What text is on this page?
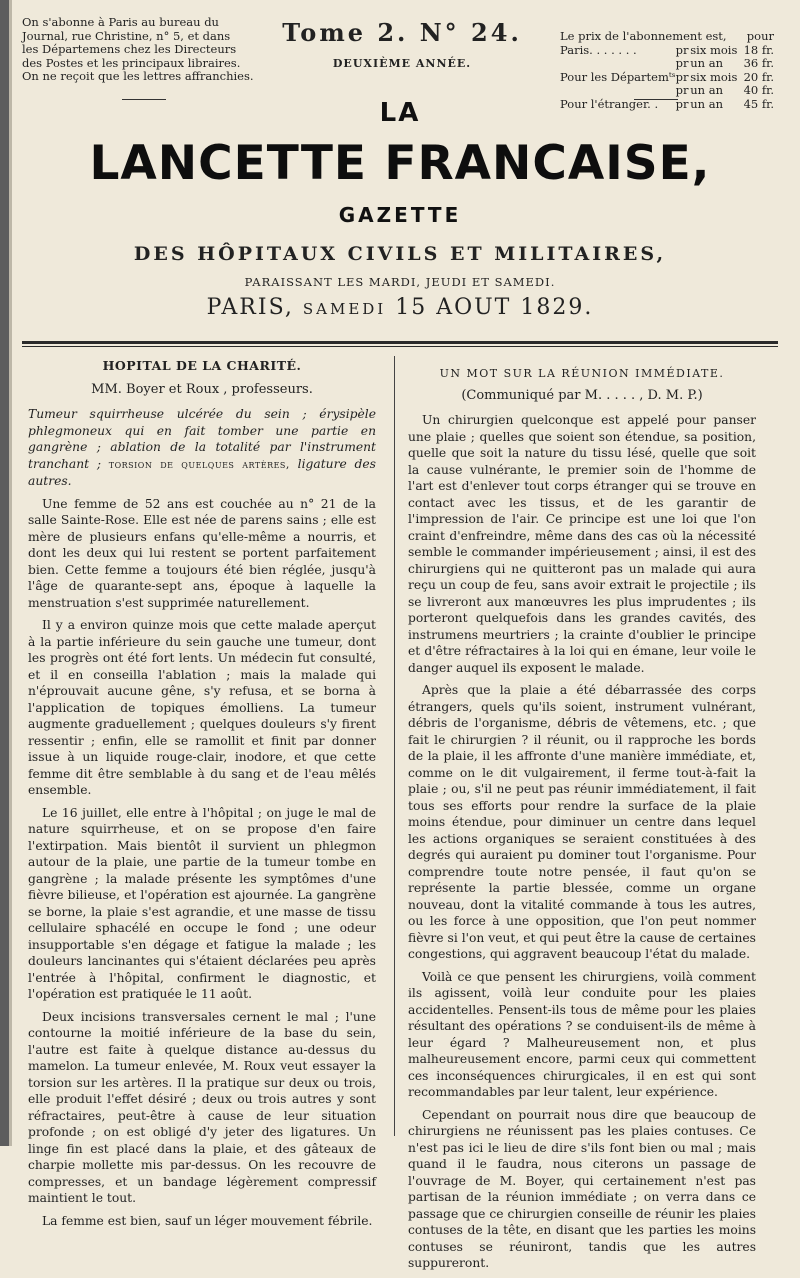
On s'abonne à Paris au bureau du
Journal, rue Christine, n° 5, et dans
les Départemens chez les Directeurs
des Postes et les principaux libraires.
On ne reçoit que les lettres affranchies.
Tome 2. N° 24.
DEUXIÈME ANNÉE.
Le prix de l'abonnement est,			pour
Paris. . . . . . .	pr	six mois	18 fr.
	pr	un an	36 fr.
Pour les Départemᵗˢ	pr	six mois	20 fr.
	pr	un an	40 fr.
Pour l'étranger. .	pr	un an	45 fr.
LA
LANCETTE FRANCAISE,
GAZETTE
DES HÔPITAUX CIVILS ET MILITAIRES,
PARAISSANT LES MARDI, JEUDI ET SAMEDI.
PARIS, SAMEDI 15 AOUT 1829.
HOPITAL DE LA CHARITÉ.
MM. Boyer et Roux , professeurs.

Tumeur squirrheuse ulcérée du sein ; érysipèle phlegmoneux qui en fait tomber une partie en gangrène ; ablation de la totalité par l'instrument tranchant ; torsion de quelques artères, ligature des autres.

Une femme de 52 ans est couchée au n° 21 de la salle Sainte-Rose. Elle est née de parens sains ; elle est mère de plusieurs enfans qu'elle-même a nourris, et dont les deux qui lui restent se portent parfaitement bien. Cette femme a toujours été bien réglée, jusqu'à l'âge de quarante-sept ans, époque à laquelle la menstruation s'est supprimée naturellement.

Il y a environ quinze mois que cette malade aperçut à la partie inférieure du sein gauche une tumeur, dont les progrès ont été fort lents. Un médecin fut consulté, et il en conseilla l'ablation ; mais la malade qui n'éprouvait aucune gêne, s'y refusa, et se borna à l'application de topiques émolliens. La tumeur augmente graduellement ; quelques douleurs s'y firent ressentir ; enfin, elle se ramollit et finit par donner issue à un liquide rouge-clair, inodore, et que cette femme dit être semblable à du sang et de l'eau mêlés ensemble.

Le 16 juillet, elle entre à l'hôpital ; on juge le mal de nature squirrheuse, et on se propose d'en faire l'extirpation. Mais bientôt il survient un phlegmon autour de la plaie, une partie de la tumeur tombe en gangrène ; la malade présente les symptômes d'une fièvre bilieuse, et l'opération est ajournée. La gangrène se borne, la plaie s'est agrandie, et une masse de tissu cellulaire sphacélé en occupe le fond ; une odeur insupportable s'en dégage et fatigue la malade ; les douleurs lancinantes qui s'étaient déclarées peu après l'entrée à l'hôpital, confirment le diagnostic, et l'opération est pratiquée le 11 août.

Deux incisions transversales cernent le mal ; l'une contourne la moitié inférieure de la base du sein, l'autre est faite à quelque distance au-dessus du mamelon. La tumeur enlevée, M. Roux veut essayer la torsion sur les artères. Il la pratique sur deux ou trois, elle produit l'effet désiré ; deux ou trois autres y sont réfractaires, peut-être à cause de leur situation profonde ; on est obligé d'y jeter des ligatures. Un linge fin est placé dans la plaie, et des gâteaux de charpie mollette mis par-dessus. On les recouvre de compresses, et un bandage légèrement compressif maintient le tout.

La femme est bien, sauf un léger mouvement fébrile.

UN MOT SUR LA RÉUNION IMMÉDIATE.
(Communiqué par M. . . . . , D. M. P.)

Un chirurgien quelconque est appelé pour panser une plaie ; quelles que soient son étendue, sa position, quelle que soit la nature du tissu lésé, quelle que soit la cause vulnérante, le premier soin de l'homme de l'art est d'enlever tout corps étranger qui se trouve en contact avec les tissus, et de les garantir de l'impression de l'air. Ce principe est une loi que l'on craint d'enfreindre, même dans des cas où la nécessité semble le commander impérieusement ; ainsi, il est des chirurgiens qui ne quitteront pas un malade qui aura reçu un coup de feu, sans avoir extrait le projectile ; ils se livreront aux manœuvres les plus imprudentes ; ils porteront quelquefois dans les grandes cavités, des instrumens meurtriers ; la crainte d'oublier le principe et d'être réfractaires à la loi qui en émane, leur voile le danger auquel ils exposent le malade.

Après que la plaie a été débarrassée des corps étrangers, quels qu'ils soient, instrument vulnérant, débris de l'organisme, débris de vêtemens, etc. ; que fait le chirurgien ? il réunit, ou il rapproche les bords de la plaie, il les affronte d'une manière immédiate, et, comme on le dit vulgairement, il ferme tout-à-fait la plaie ; ou, s'il ne peut pas réunir immédiatement, il fait tous ses efforts pour rendre la surface de la plaie moins étendue, pour diminuer un centre dans lequel les actions organiques se seraient constituées à des degrés qui auraient pu dominer tout l'organisme. Pour comprendre toute notre pensée, il faut qu'on se représente la partie blessée, comme un organe nouveau, dont la vitalité commande à tous les autres, ou les force à une opposition, que l'on peut nommer fièvre si l'on veut, et qui peut être la cause de certaines congestions, qui aggravent beaucoup l'état du malade.

Voilà ce que pensent les chirurgiens, voilà comment ils agissent, voilà leur conduite pour les plaies accidentelles. Pensent-ils tous de même pour les plaies résultant des opérations ? se conduisent-ils de même à leur égard ? Malheureusement non, et plus malheureusement encore, parmi ceux qui commettent ces inconséquences chirurgicales, il en est qui sont recommandables par leur talent, leur expérience.

Cependant on pourrait nous dire que beaucoup de chirurgiens ne réunissent pas les plaies contuses. Ce n'est pas ici le lieu de dire s'ils font bien ou mal ; mais quand il le faudra, nous citerons un passage de l'ouvrage de M. Boyer, qui certainement n'est pas partisan de la réunion immédiate ; on verra dans ce passage que ce chirurgien conseille de réunir les plaies contuses de la tête, en disant que les parties les moins contuses se réuniront, tandis que les autres suppureront.
